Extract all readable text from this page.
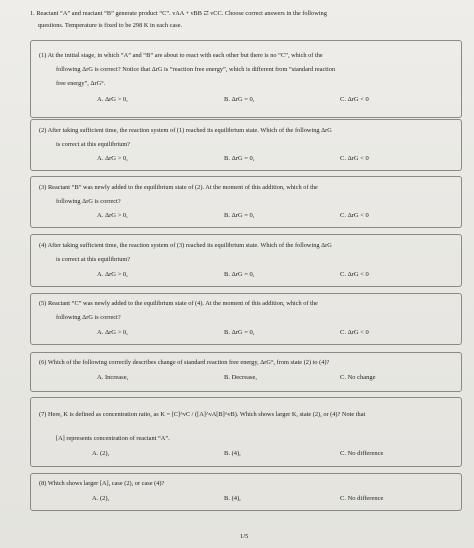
1. Reactant “A” and reactant “B” generate product “C”. νAA + νBB ⇄ νCC. Choose correct answers in the following
questions. Temperature is fixed to be 298 K in each case.
(1) At the initial stage, in which “A” and “B” are about to react with each other but there is no “C”, which of the
following ΔrG is correct? Notice that ΔrG is “reaction free energy”, which is different from “standard reaction
free energy”, ΔrG°.
A. ΔrG > 0,	B. ΔrG = 0,	C. ΔrG < 0
(2) After taking sufficient time, the reaction system of (1) reached its equilibrium state. Which of the following ΔrG
is correct at this equilibrium?
A. ΔrG > 0,	B. ΔrG = 0,	C. ΔrG < 0
(3) Reactant “B” was newly added to the equilibrium state of (2). At the moment of this addition, which of the
following ΔrG is correct?
A. ΔrG > 0,	B. ΔrG = 0,	C. ΔrG < 0
(4) After taking sufficient time, the reaction system of (3) reached its equilibrium state. Which of the following ΔrG
is correct at this equilibrium?
A. ΔrG > 0,	B. ΔrG = 0,	C. ΔrG < 0
(5) Reactant “C” was newly added to the equilibrium state of (4). At the moment of this addition, which of the
following ΔrG is correct?
A. ΔrG > 0,	B. ΔrG = 0,	C. ΔrG < 0
(6) Which of the following correctly describes change of standard reaction free energy, ΔrG°, from state (2) to (4)?
A. Increase,	B. Decrease,	C. No change
(7) Here, K is defined as concentration ratio, as K = [C]^νC / ([A]^νA[B]^νB). Which shows larger K, state (2), or (4)? Note that
[A] represents concentration of reactant “A”.
A. (2),	B. (4),	C. No difference
(8) Which shows larger [A], case (2), or case (4)?
A. (2),	B. (4),	C. No difference
1/5
